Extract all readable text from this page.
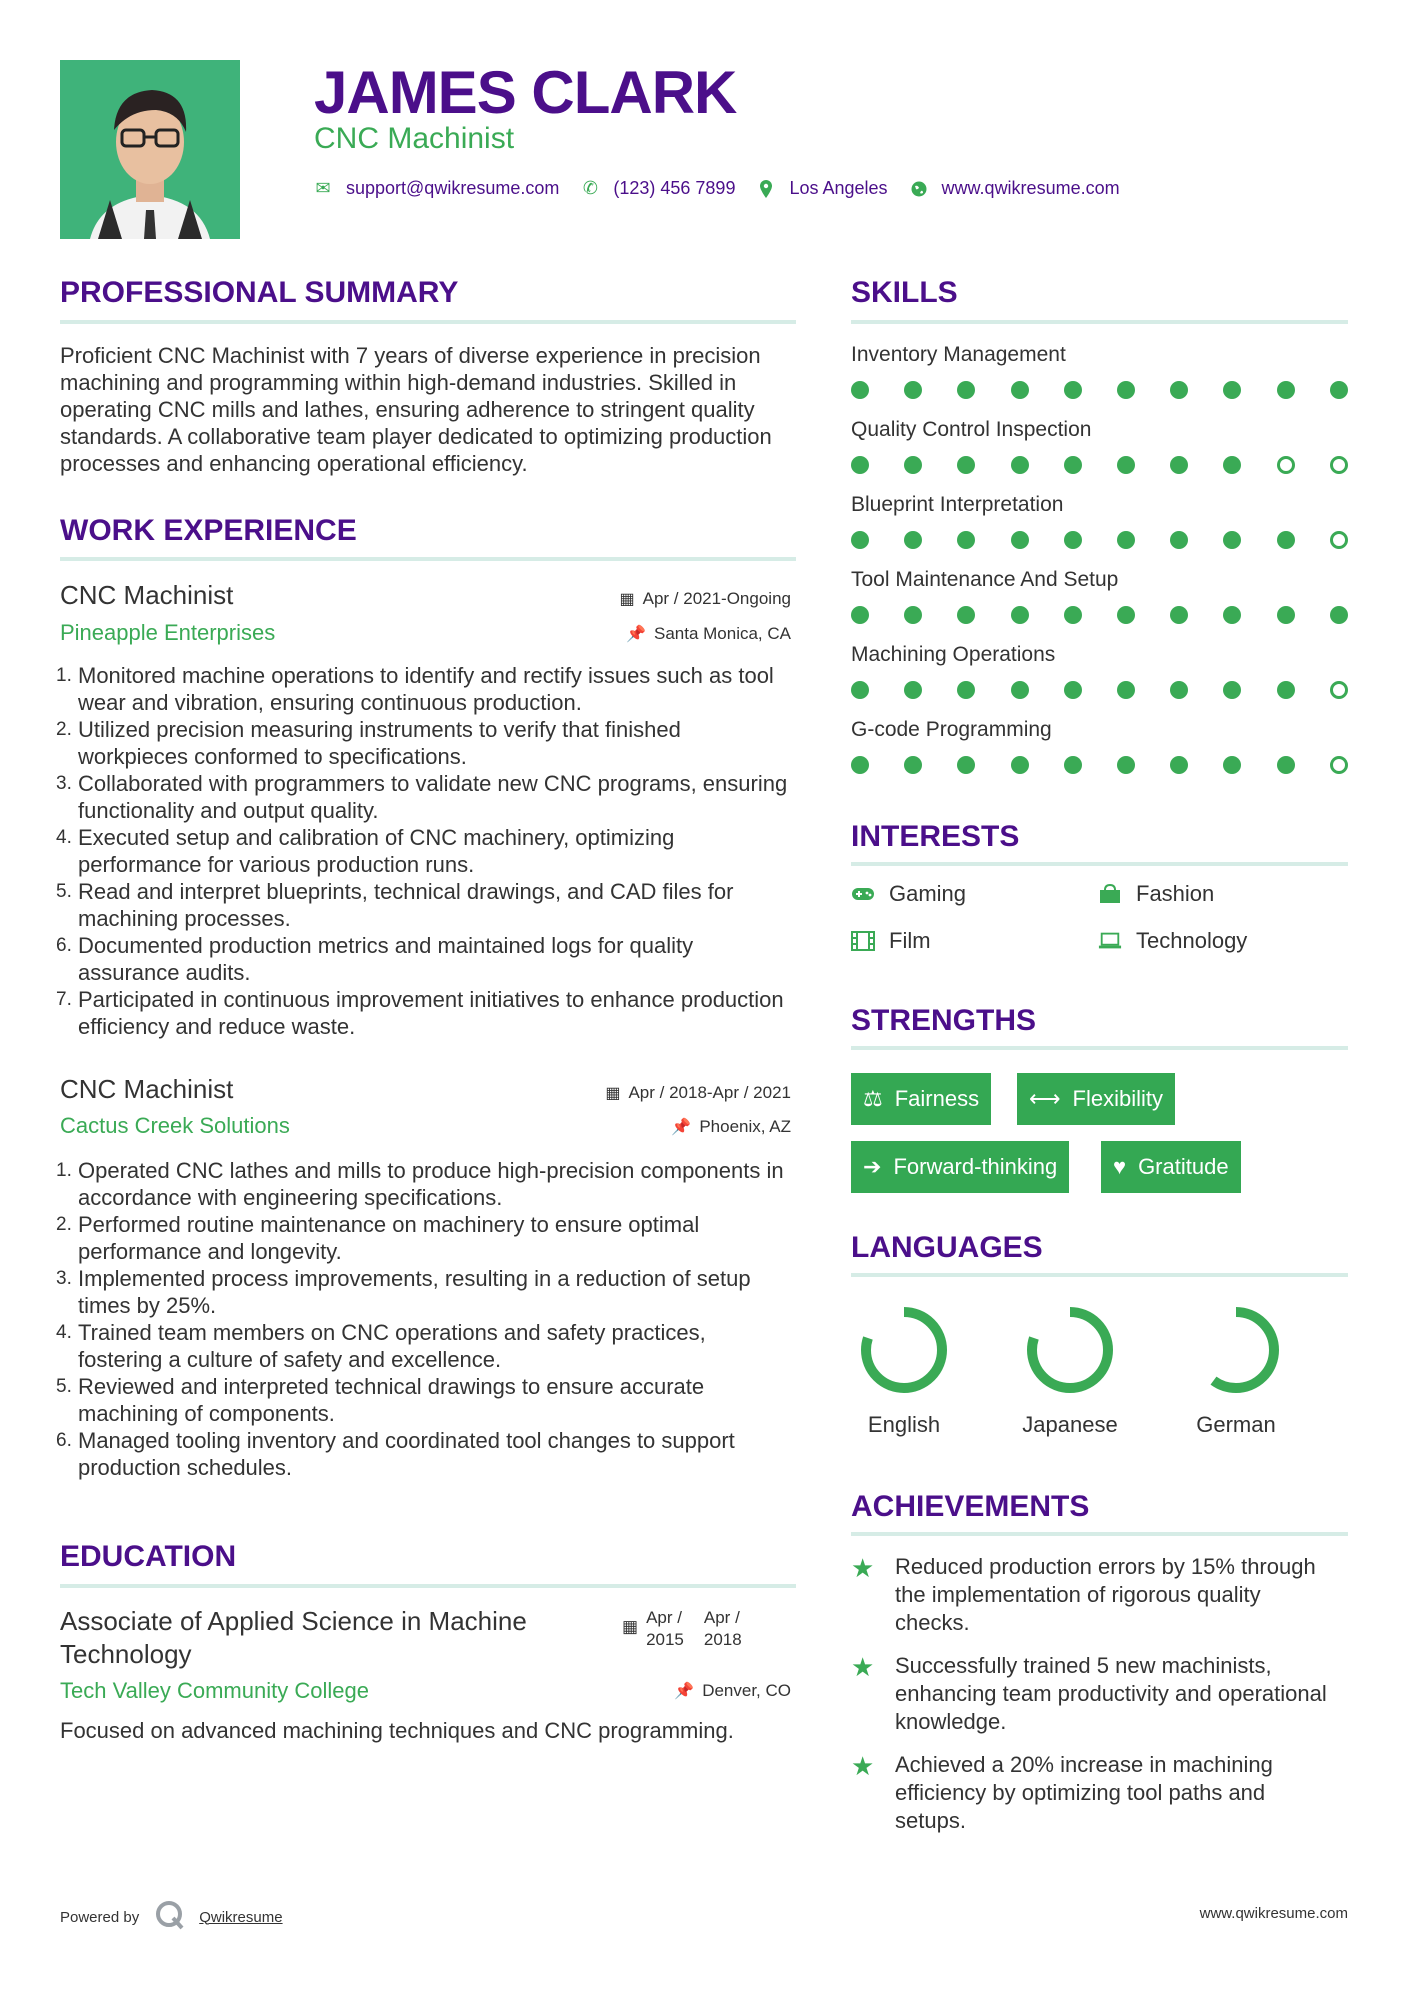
JAMES CLARK
CNC Machinist
✉ support@qwikresume.com ✆ (123) 456 7899	Los Angeles	www.qwikresume.com
PROFESSIONAL SUMMARY
Proficient CNC Machinist with 7 years of diverse experience in precision machining and programming within high-demand industries. Skilled in operating CNC mills and lathes, ensuring adherence to stringent quality standards. A collaborative team player dedicated to optimizing production processes and enhancing operational efficiency.
WORK EXPERIENCE
CNC Machinist	▦ Apr / 2021-Ongoing
Pineapple Enterprises	📌 Santa Monica, CA
1. Monitored machine operations to identify and rectify issues such as tool wear and vibration, ensuring continuous production.
2. Utilized precision measuring instruments to verify that finished workpieces conformed to specifications.
3. Collaborated with programmers to validate new CNC programs, ensuring functionality and output quality.
4. Executed setup and calibration of CNC machinery, optimizing performance for various production runs.
5. Read and interpret blueprints, technical drawings, and CAD files for machining processes.
6. Documented production metrics and maintained logs for quality assurance audits.
7. Participated in continuous improvement initiatives to enhance production efficiency and reduce waste.
CNC Machinist	▦ Apr / 2018-Apr / 2021
Cactus Creek Solutions	📌 Phoenix, AZ
1. Operated CNC lathes and mills to produce high-precision components in accordance with engineering specifications.
2. Performed routine maintenance on machinery to ensure optimal performance and longevity.
3. Implemented process improvements, resulting in a reduction of setup times by 25%.
4. Trained team members on CNC operations and safety practices, fostering a culture of safety and excellence.
5. Reviewed and interpreted technical drawings to ensure accurate machining of components.
6. Managed tooling inventory and coordinated tool changes to support production schedules.
EDUCATION
Associate of Applied Science in Machine Technology
▦ Apr /
2015
Apr /
2018
Tech Valley Community College	📌 Denver, CO
Focused on advanced machining techniques and CNC programming.
SKILLS
Inventory Management
Quality Control Inspection
Blueprint Interpretation
Tool Maintenance And Setup
Machining Operations
G-code Programming
INTERESTS
Gaming	Fashion
Film	Technology
STRENGTHS
⚖ Fairness ⟷ Flexibility
➔ Forward-thinking	♥ Gratitude
LANGUAGES
English	Japanese	German
ACHIEVEMENTS
★ Reduced production errors by 15% through the implementation of rigorous quality checks.
★ Successfully trained 5 new machinists, enhancing team productivity and operational knowledge.
★ Achieved a 20% increase in machining efficiency by optimizing tool paths and setups.
Powered by	Qwikresume	www.qwikresume.com
